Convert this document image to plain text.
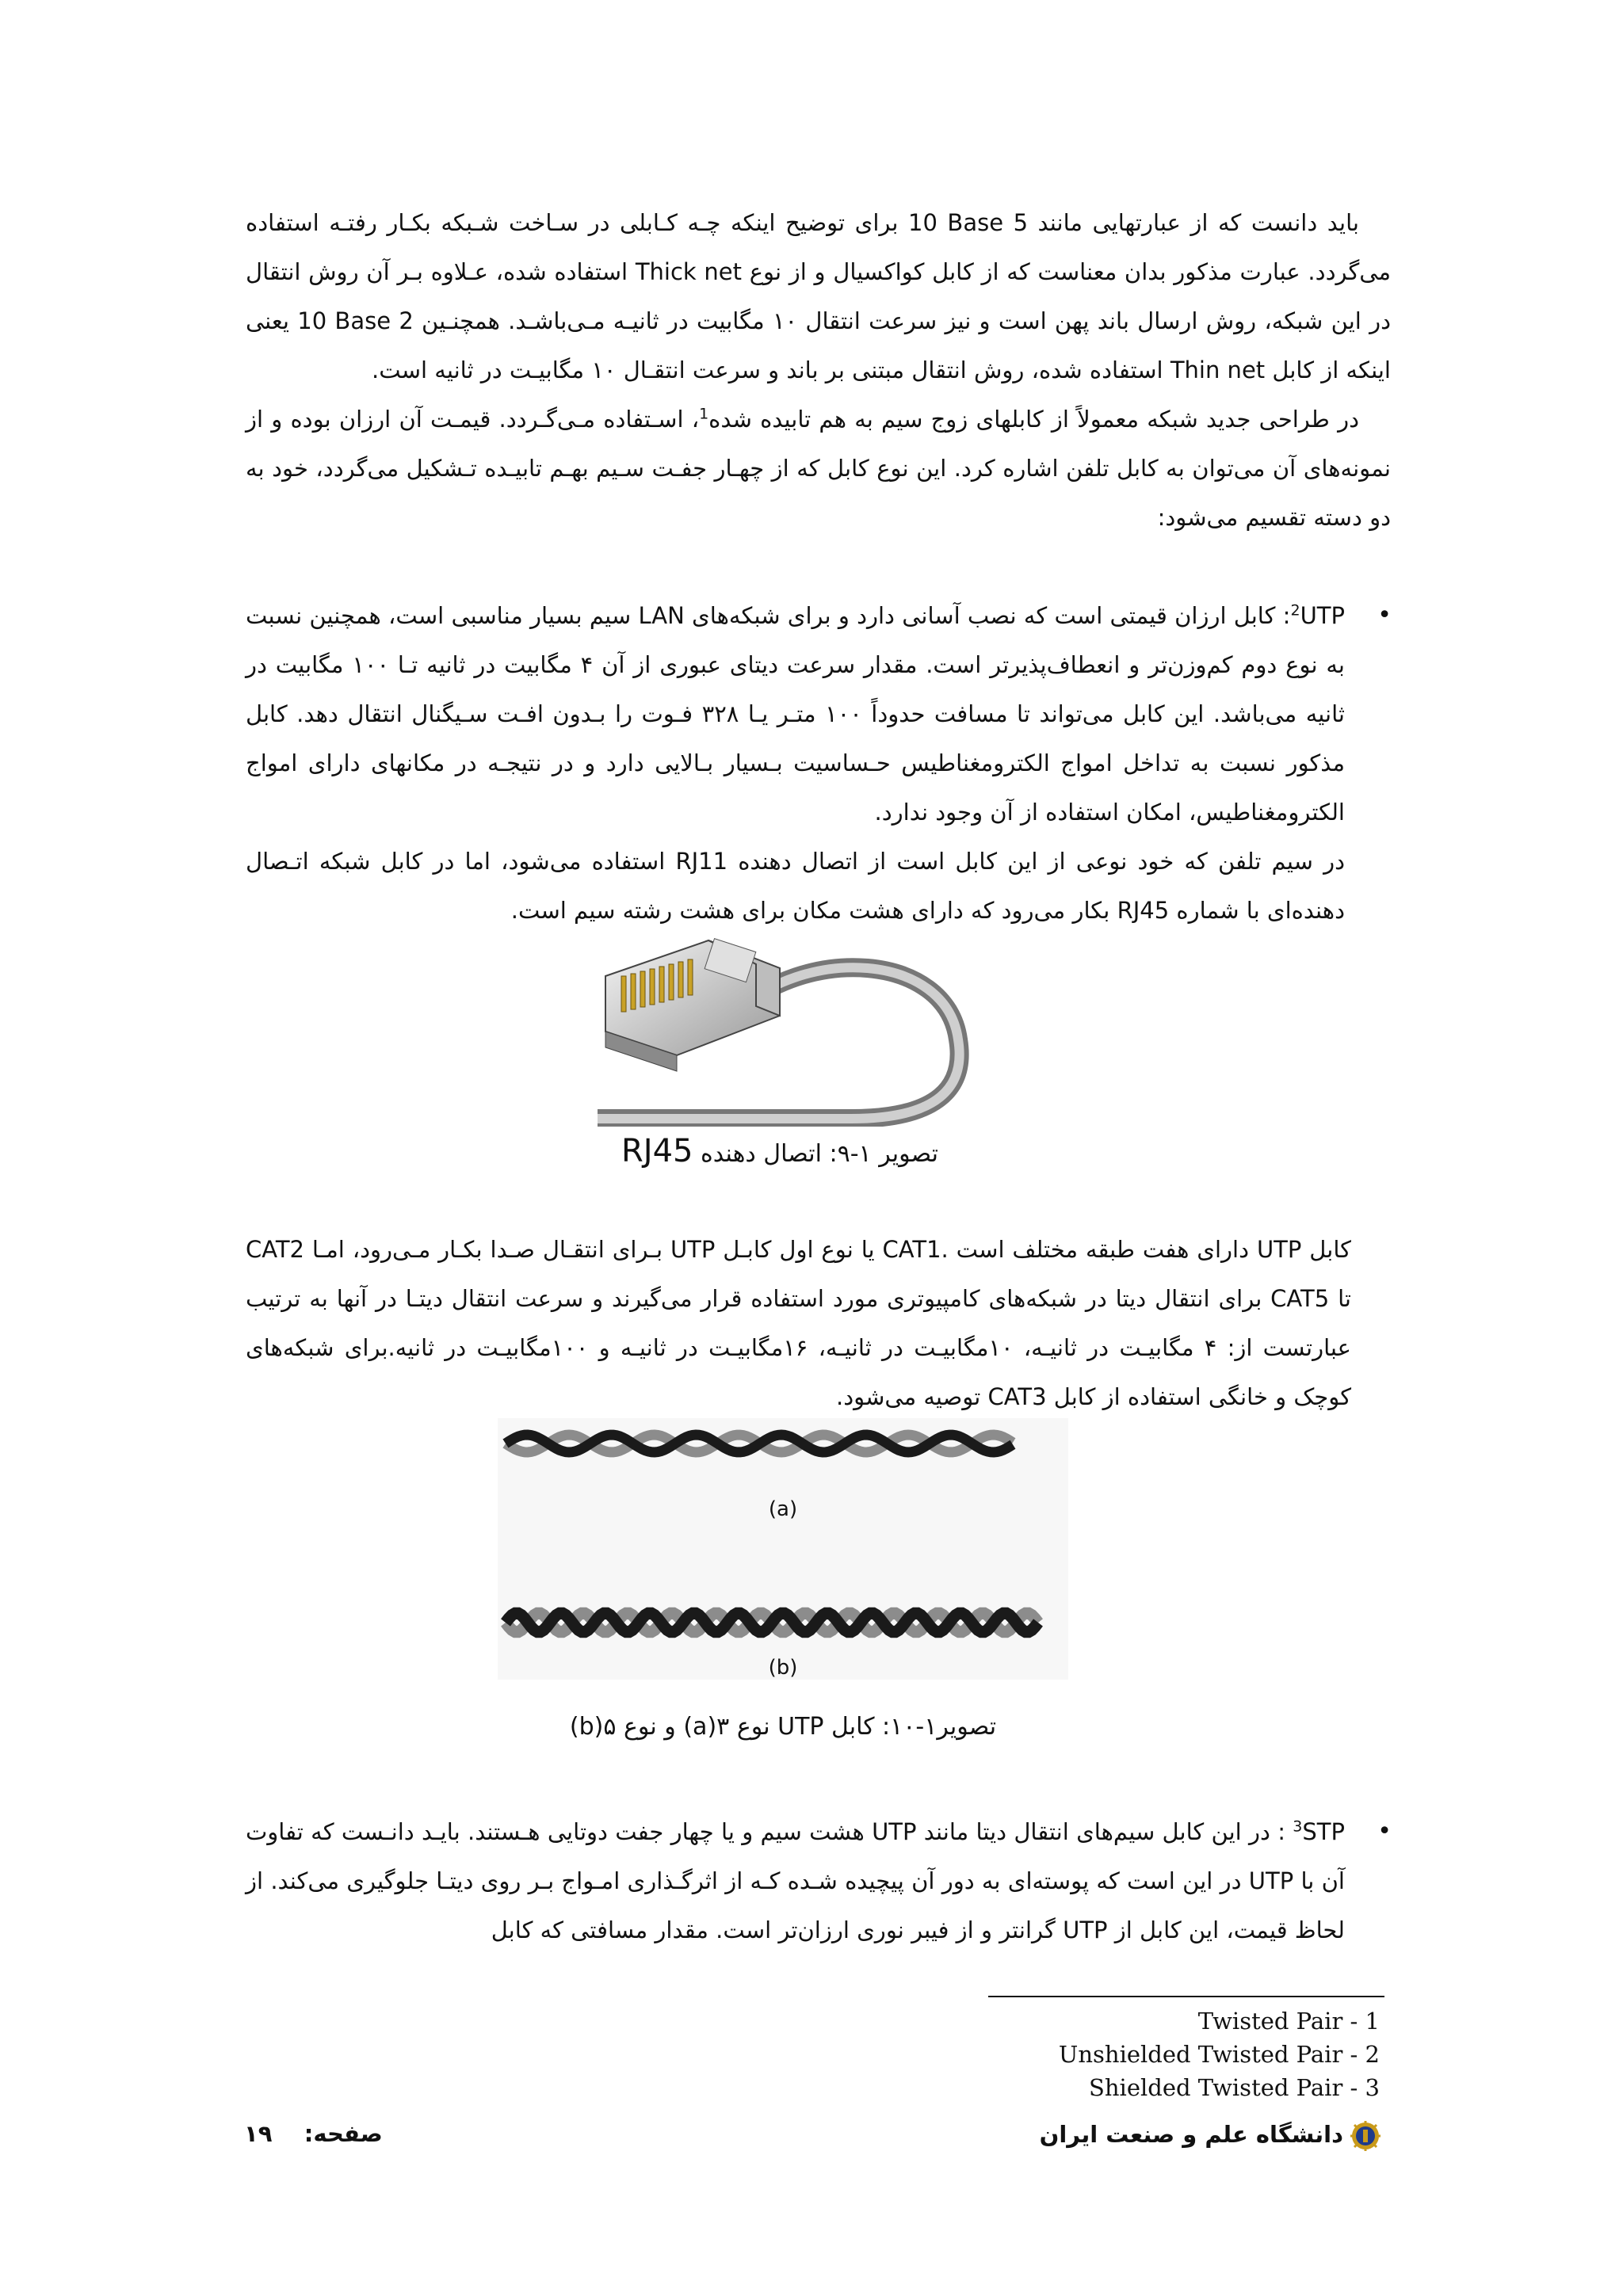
باید دانست که از عبارتهایی مانند 10 Base 5 برای توضیح اینکه چـه کـابلی در سـاخت شـبکه بکـار رفتـه استفاده می‌گردد. عبارت مذکور بدان معناست که از کابل کواکسیال و از نوع Thick net استفاده شده، عـلاوه بـر آن روش انتقال در این شبکه، روش ارسال باند پهن است و نیز سرعت انتقال ۱۰ مگابیت در ثانیـه مـی‌باشـد. همچنـین 10 Base 2 یعنی اینکه از کابل Thin net استفاده شده، روش انتقال مبتنی بر باند و سرعت انتقـال ۱۰ مگابیـت در ثانیه است.

در طراحی جدید شبکه معمولاً از کابلهای زوج سیم به هم تابیده شده$^1$، اسـتفاده مـی‌گـردد. قیمـت آن ارزان بوده و از نمونه‌های آن می‌توان به کابل تلفن اشاره کرد. این نوع کابل که از چهـار جفـت سـیم بهـم تابیـده تـشکیل می‌گردد، خود به دو دسته تقسیم می‌شود:

•

UTP$^2$: کابل ارزان قیمتی است که نصب آسانی دارد و برای شبکه‌های LAN سیم بسیار مناسبی است، همچنین نسبت به نوع دوم کم‌وزن‌تر و انعطاف‌پذیرتر است. مقدار سرعت دیتای عبوری از آن ۴ مگابیت در ثانیه تـا ۱۰۰ مگابیت در ثانیه می‌باشد. این کابل می‌تواند تا مسافت حدوداً ۱۰۰ متـر یـا ۳۲۸ فـوت را بـدون افـت سـیگنال انتقال دهد. کابل مذکور نسبت به تداخل امواج الکترومغناطیس حـساسیت بـسیار بـالایی دارد و در نتیجـه در مکانهای دارای امواج الکترومغناطیس، امکان استفاده از آن وجود ندارد.

در سیم تلفن که خود نوعی از این کابل است از اتصال دهنده RJ11 استفاده می‌شود، اما در کابل شبکه اتـصال دهنده‌ای با شماره RJ45 بکار می‌رود که دارای هشت مکان برای هشت رشته سیم است.

تصویر ۱-۹: اتصال دهنده RJ45

کابل UTP دارای هفت طبقه مختلف است .CAT1 یا نوع اول کابـل UTP بـرای انتقـال صـدا بکـار مـی‌رود، امـا CAT2 تا CAT5 برای انتقال دیتا در شبکه‌های کامپیوتری مورد استفاده قرار می‌گیرند و سرعت انتقال دیتـا در آنها به ترتیب عبارتست از: ۴ مگابیـت در ثانیـه، ۱۰مگابیـت در ثانیـه، ۱۶مگابیـت در ثانیـه و ۱۰۰مگابیـت در ثانیه.برای شبکه‌های کوچک و خانگی استفاده از کابل CAT3 توصیه می‌شود.

(a)
(b)
تصویر۱-۱۰: کابل UTP نوع ۳(a) و نوع ۵(b)
•

STP$^3$ : در این کابل سیم‌های انتقال دیتا مانند UTP هشت سیم و یا چهار جفت دوتایی هـستند. بایـد دانـست که تفاوت آن با UTP در این است که پوسته‌ای به دور آن پیچیده شـده کـه از اثرگـذاری امـواج بـر روی دیتـا جلوگیری می‌کند. از لحاظ قیمت، این کابل از UTP گرانتر و از فیبر نوری ارزان‌تر است. مقدار مسافتی که کابل

Twisted Pair - 1
Unshielded Twisted Pair - 2
Shielded Twisted Pair - 3
دانشگاه علم و صنعت ایران
صفحه:    ۱۹
